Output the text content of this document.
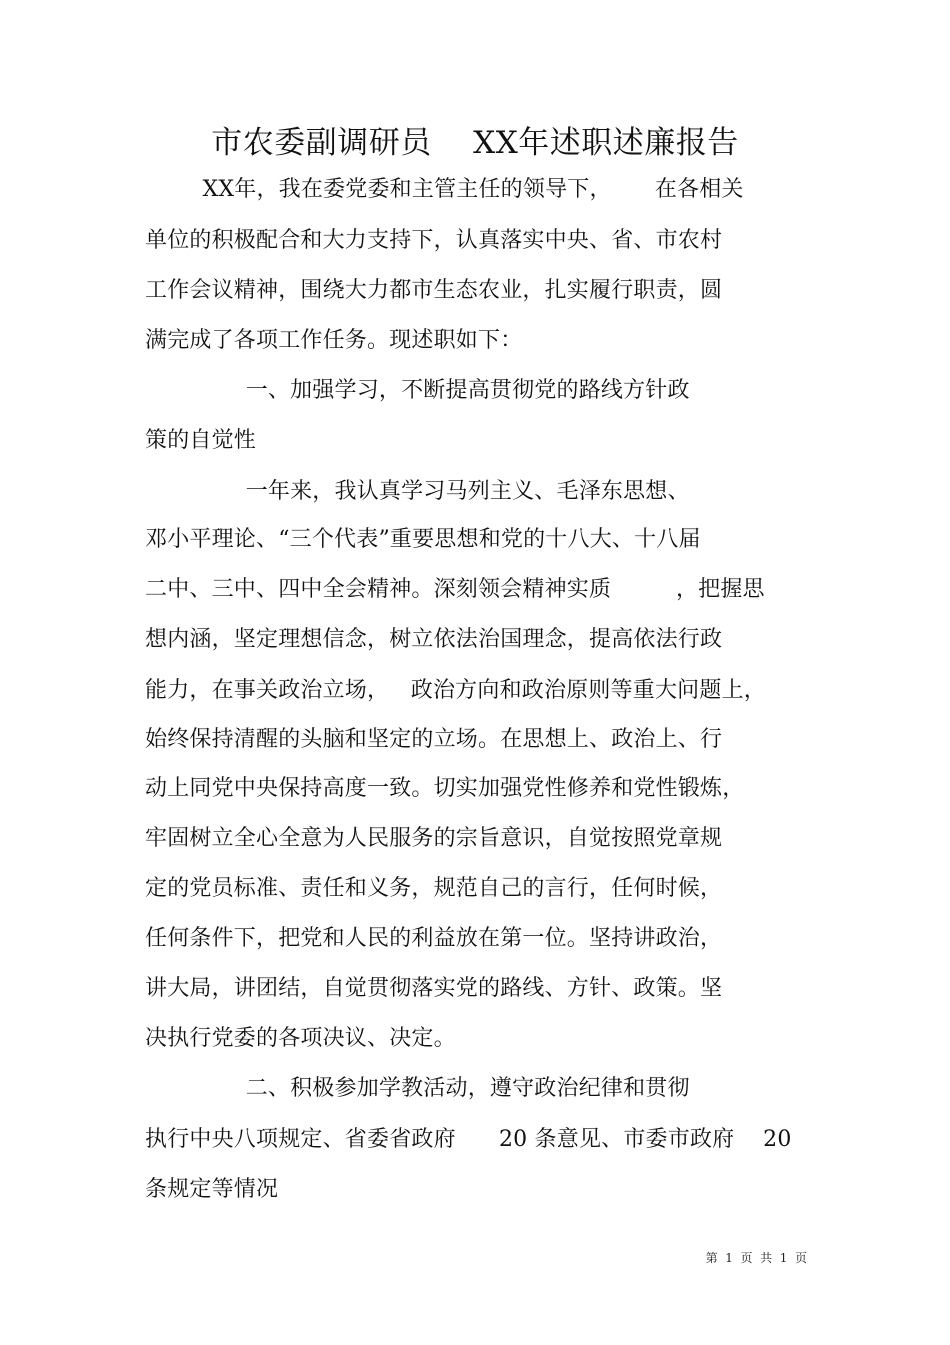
市农委副调研员    XX年述职述廉报告
XX年，我在委党委和主管主任的领导下，      在各相关
单位的积极配合和大力支持下，认真落实中央、省、市农村
工作会议精神，围绕大力都市生态农业，扎实履行职责，圆
满完成了各项工作任务。现述职如下：
一、加强学习，不断提高贯彻党的路线方针政
策的自觉性
一年来，我认真学习马列主义、毛泽东思想、
邓小平理论、“三个代表”重要思想和党的十八大、十八届
二中、三中、四中全会精神。深刻领会精神实质         ，把握思
想内涵，坚定理想信念，树立依法治国理念，提高依法行政
能力，在事关政治立场，   政治方向和政治原则等重大问题上，
始终保持清醒的头脑和坚定的立场。在思想上、政治上、行
动上同党中央保持高度一致。切实加强党性修养和党性锻炼，
牢固树立全心全意为人民服务的宗旨意识，自觉按照党章规
定的党员标准、责任和义务，规范自己的言行，任何时候，
任何条件下，把党和人民的利益放在第一位。坚持讲政治，
讲大局，讲团结，自觉贯彻落实党的路线、方针、政策。坚
决执行党委的各项决议、决定。
二、积极参加学教活动，遵守政治纪律和贯彻
执行中央八项规定、省委省政府      20 条意见、市委市政府    20
条规定等情况
第  1  页  共  1  页
